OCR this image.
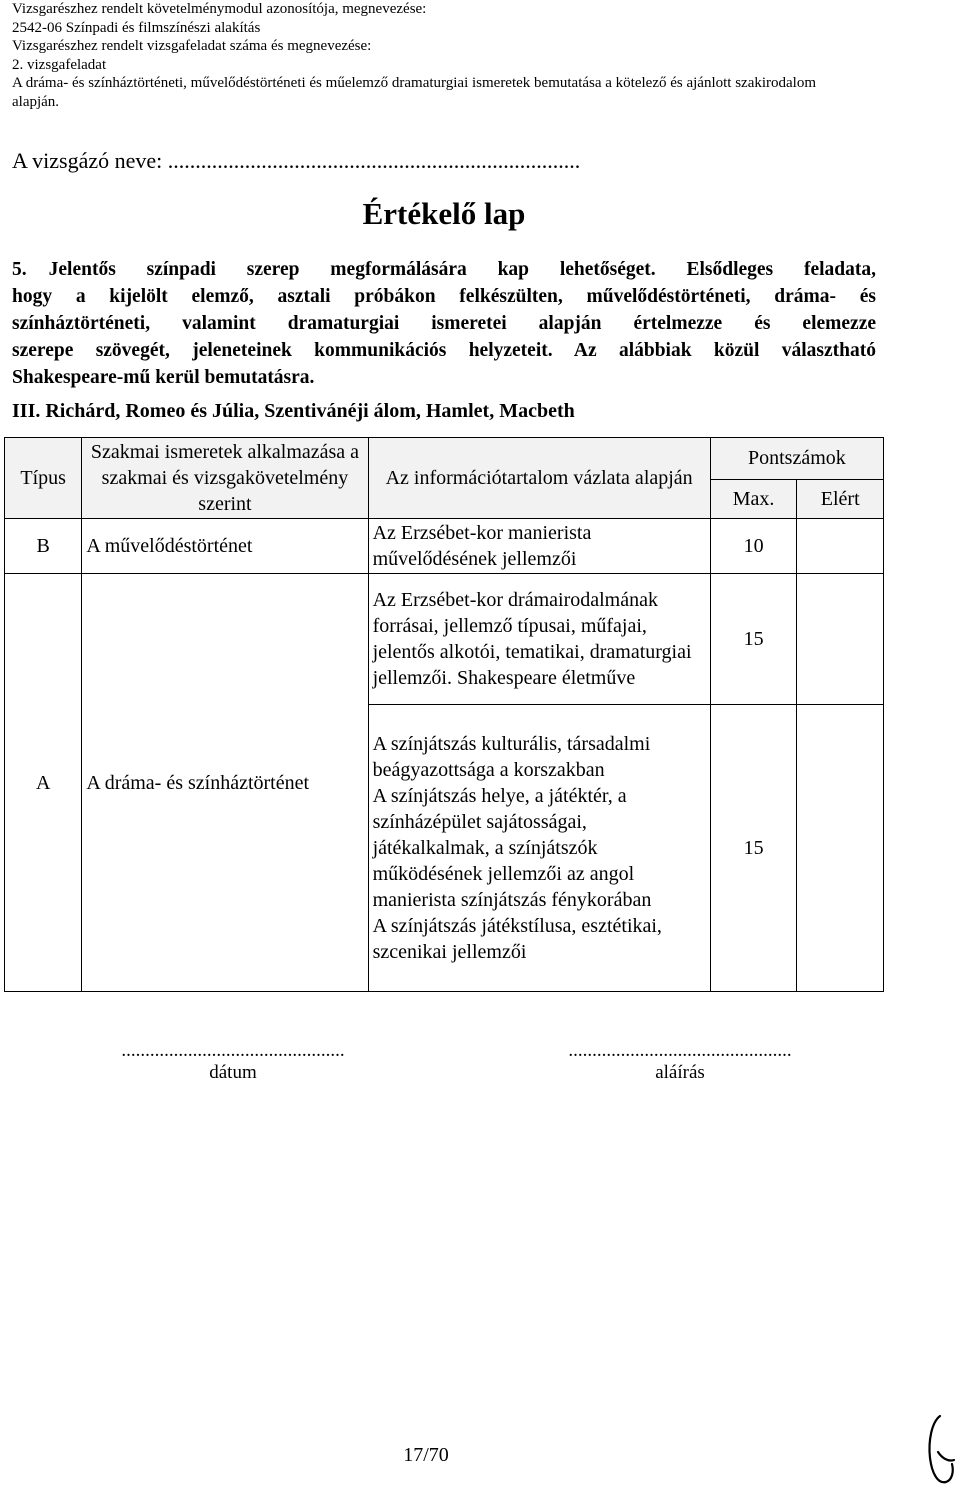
Vizsgarészhez rendelt követelménymodul azonosítója, megnevezése:
2542-06 Színpadi és filmszínészi alakítás
Vizsgarészhez rendelt vizsgafeladat száma és megnevezése:
2. vizsgafeladat
A dráma- és színháztörténeti, művelődéstörténeti és műelemző dramaturgiai ismeretek bemutatása a kötelező és ajánlott szakirodalom
alapján.
A vizsgázó neve: ...........................................................................
Értékelő lap
5. Jelentős színpadi szerep megformálására kap lehetőséget. Elsődleges feladata,
hogy a kijelölt elemző, asztali próbákon felkészülten, művelődéstörténeti, dráma- és
színháztörténeti, valamint dramaturgiai ismeretei alapján értelmezze és elemezze
szerepe szövegét, jeleneteinek kommunikációs helyzeteit. Az alábbiak közül választható
Shakespeare-mű kerül bemutatásra.
III. Richárd, Romeo és Júlia, Szentivánéji álom, Hamlet, Macbeth
Típus	Szakmai ismeretek alkalmazása a szakmai és vizsgakövetelmény szerint	Az információtartalom vázlata alapján	Pontszámok	
			Max.	Elért
B	A művelődéstörténet	Az Erzsébet-kor manierista művelődésének jellemzői	10	
A	A dráma- és színháztörténet	Az Erzsébet-kor drámairodalmának forrásai, jellemző típusai, műfajai, jelentős alkotói, tematikai, dramaturgiai jellemzői. Shakespeare életműve	15	

		A színjátszás kulturális, társadalmi beágyazottsága a korszakban
A színjátszás helye, a játéktér, a színházépület sajátosságai, játékalkalmak, a színjátszók működésének jellemzői az angol manierista színjátszás fénykorában
A színjátszás játékstílusa, esztétikai, szcenikai jellemzői	15	
...............................................
dátum
...............................................
aláírás
17/70
